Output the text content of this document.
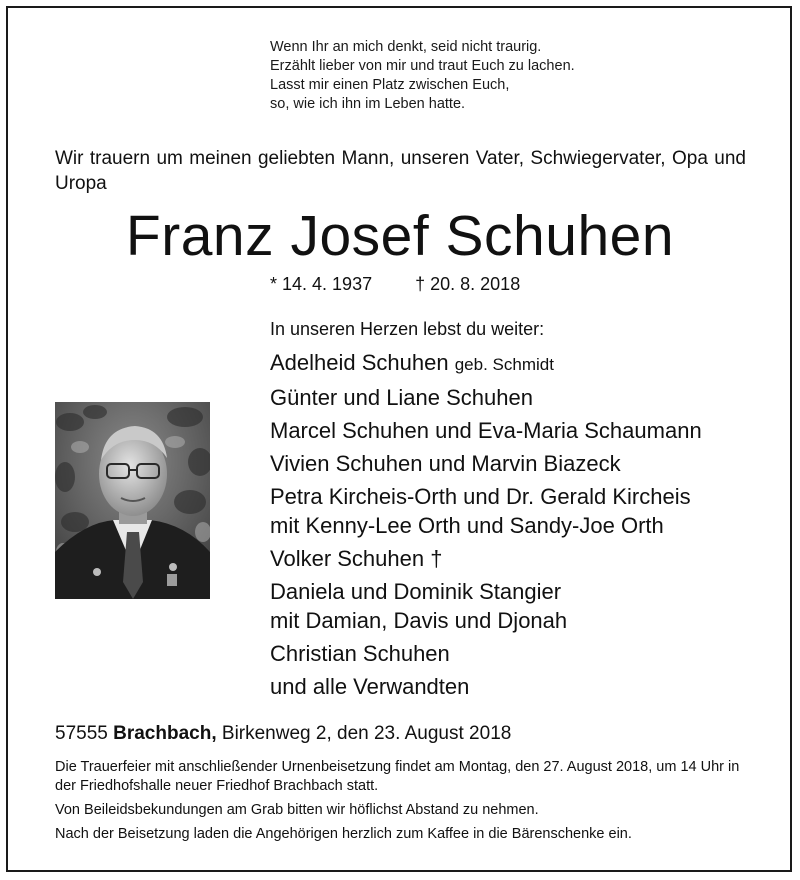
Wenn Ihr an mich denkt, seid nicht traurig.
Erzählt lieber von mir und traut Euch zu lachen.
Lasst mir einen Platz zwischen Euch,
so, wie ich ihn im Leben hatte.
Wir trauern um meinen geliebten Mann, unseren Vater, Schwiegervater, Opa und Uropa
Franz Josef Schuhen
* 14. 4. 1937 † 20. 8. 2018
In unseren Herzen lebst du weiter:
Adelheid Schuhen geb. Schmidt
Günter und Liane Schuhen
Marcel Schuhen und Eva-Maria Schaumann
Vivien Schuhen und Marvin Biazeck
Petra Kircheis-Orth und Dr. Gerald Kircheis
mit Kenny-Lee Orth und Sandy-Joe Orth
Volker Schuhen †
Daniela und Dominik Stangier
mit Damian, Davis und Djonah
Christian Schuhen
und alle Verwandten
57555 Brachbach, Birkenweg 2, den 23. August 2018

Die Trauerfeier mit anschließender Urnenbeisetzung findet am Montag, den 27. August 2018, um 14 Uhr in der Friedhofshalle neuer Friedhof Brachbach statt.

Von Beileidsbekundungen am Grab bitten wir höflichst Abstand zu nehmen.

Nach der Beisetzung laden die Angehörigen herzlich zum Kaffee in die Bärenschenke ein.
